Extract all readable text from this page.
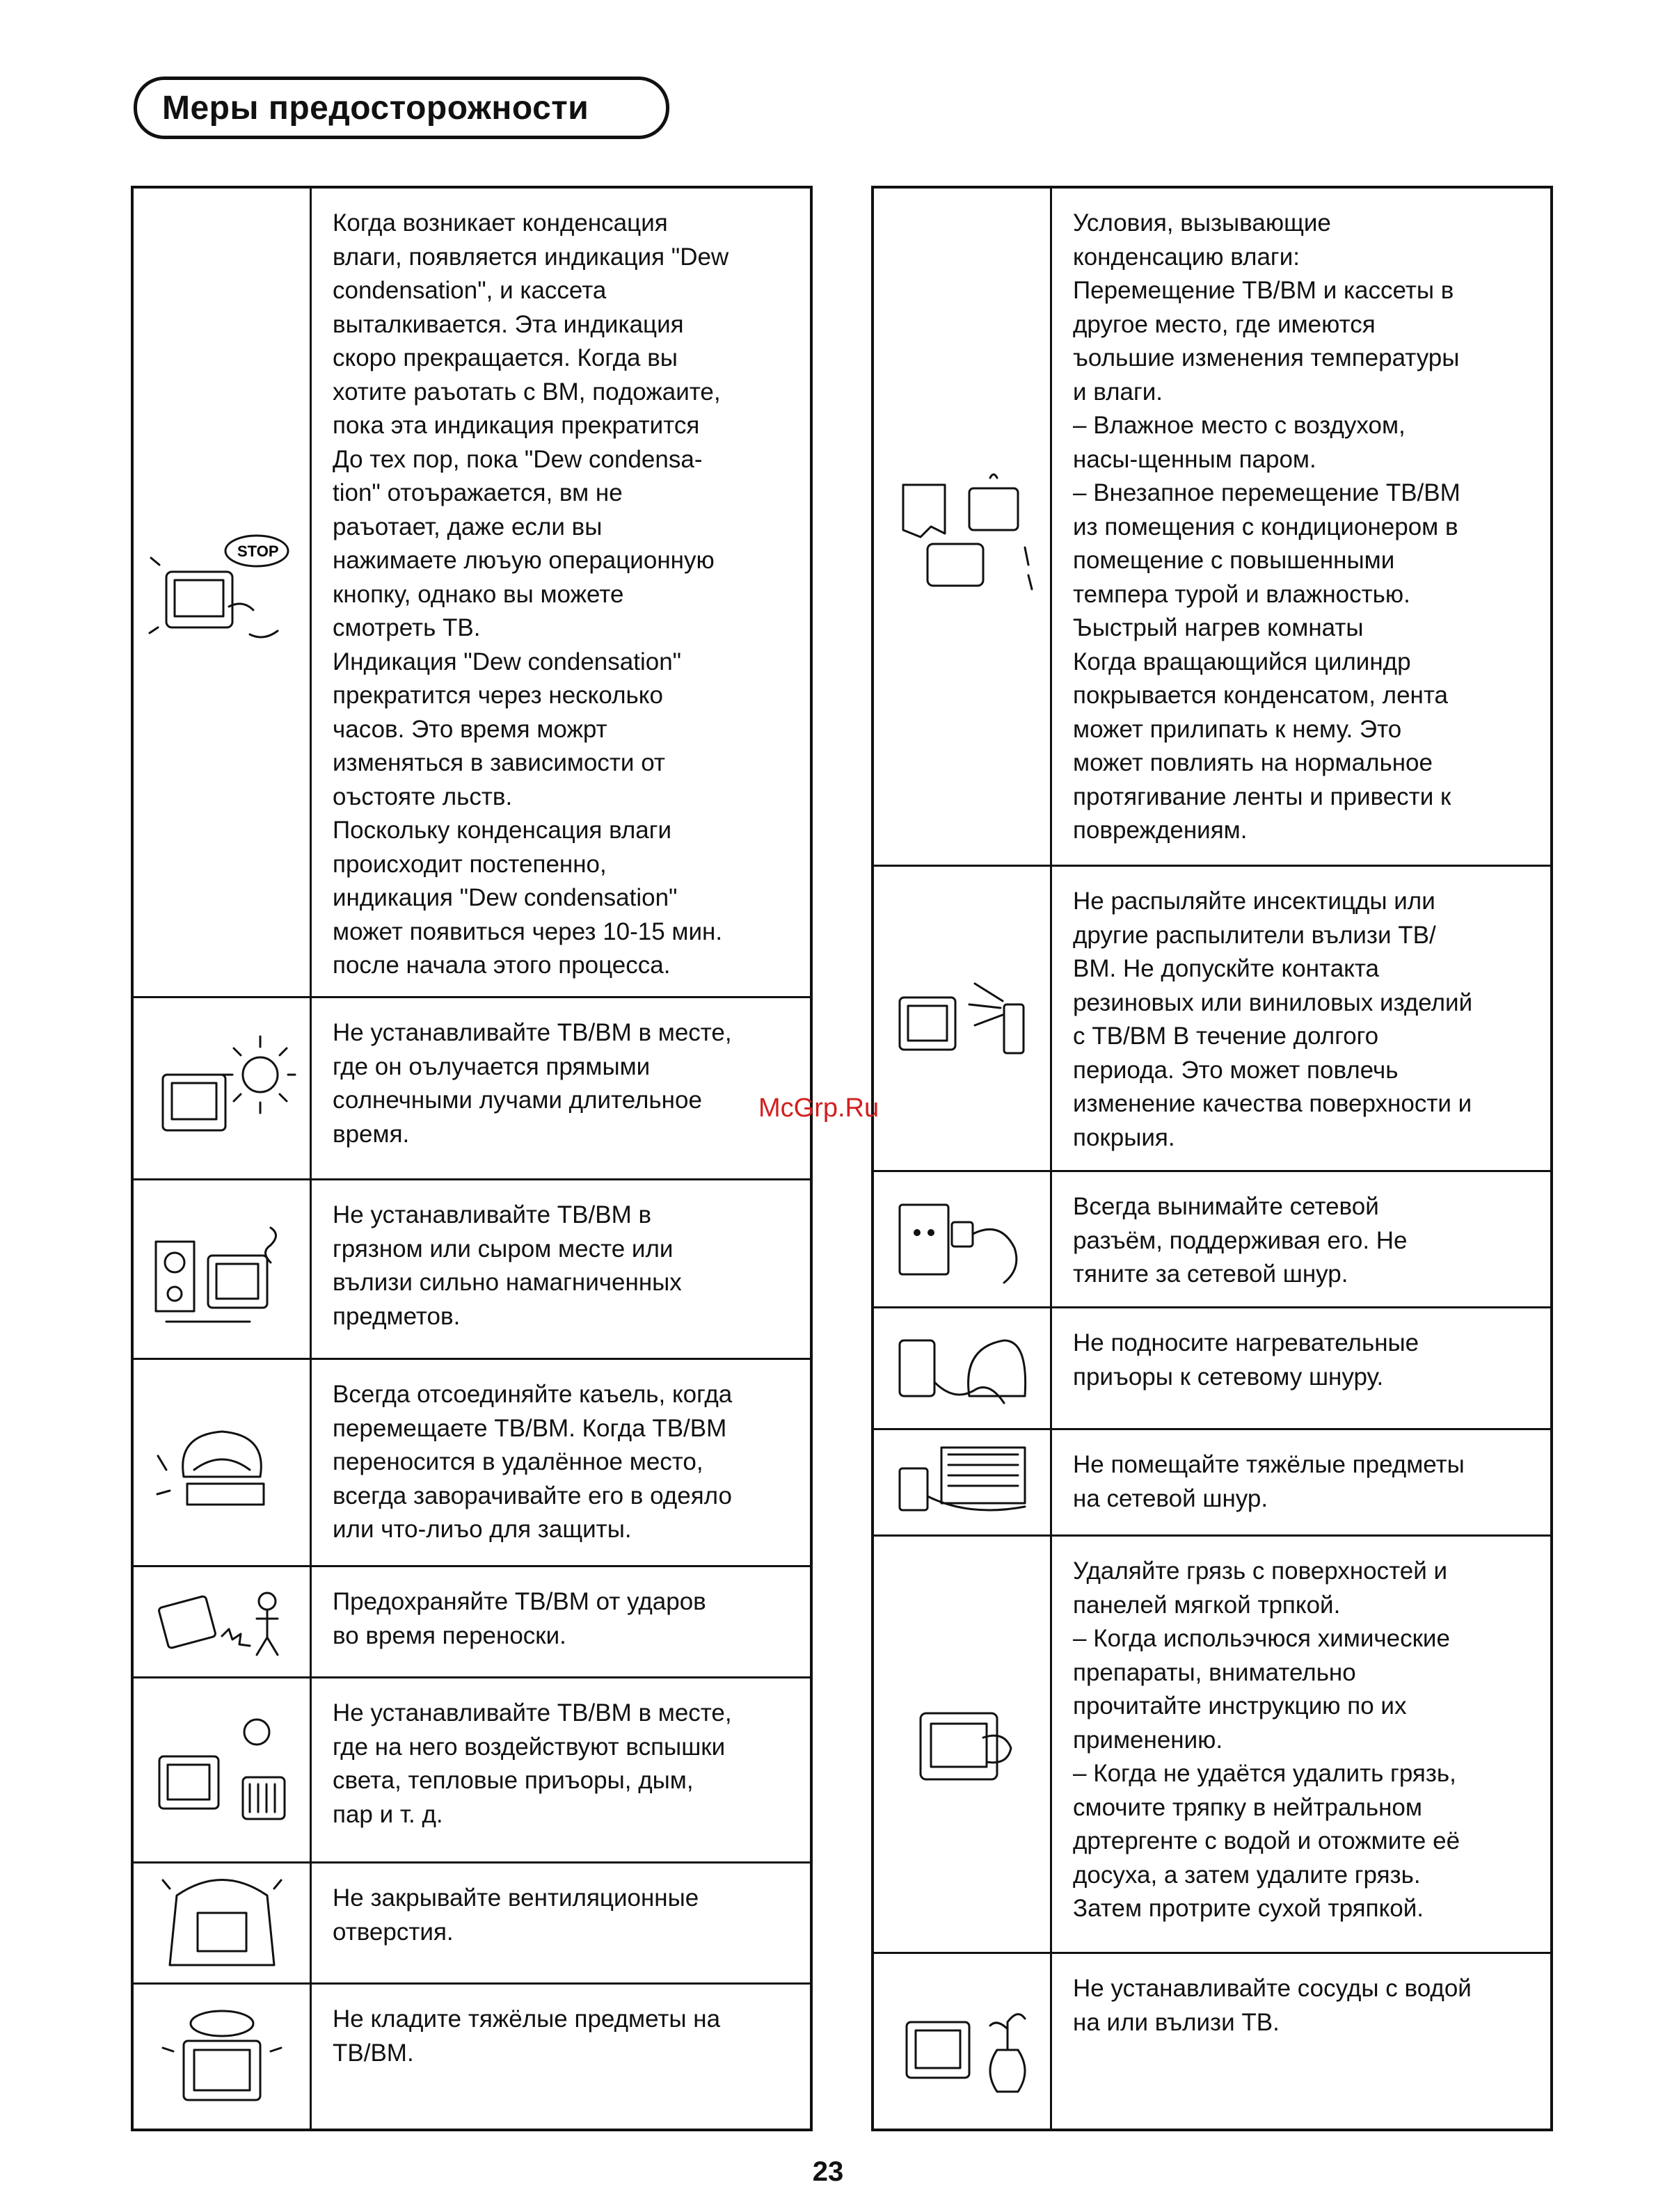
Меры предосторожности
STOP

Когда возникает конденсация
влаги, появляется индикация "Dew
condensation", и кассета
выталкивается. Эта индикация
скоро прекращается. Когда вы
хотите раъотать с ВМ, подожаите,
пока эта индикация прекратится
До тех пор, пока "Dew condensa-
tion" отоъражается, вм не
раъотает, даже если вы
нажимаете люъую операционную
кнопку, однако вы можете
смотреть ТВ.
Индикация "Dew condensation"
прекратится через несколько
часов. Это время можрт
изменяться в зависимости от
оъстояте льств.
Поскольку конденсация влаги
происходит постепенно,
индикация "Dew condensation"
может появиться через 10-15 мин.
после начала этого процесса.

Не устанавливайте ТВ/ВМ в месте,
где он оълучается прямыми
солнечными лучами длительное
время.

Не устанавливайте ТВ/ВМ в
грязном или сыром месте или
вълизи сильно намагниченных
предметов.

Всегда отсоединяйте каъель, когда
перемещаете ТВ/ВМ. Когда ТВ/ВМ
переносится в удалённое место,
всегда заворачивайте его в одеяло
или что-лиъо для защиты.

Предохраняйте ТВ/ВМ от ударов
во время переноски.

Не устанавливайте ТВ/ВМ в месте,
где на него воздействуют вспышки
света, тепловые приъоры, дым,
пар и т. д.

Не закрывайте вентиляционные
отверстия.

Не кладите тяжёлые предметы на
ТВ/ВМ.

Условия, вызывающие
конденсацию влаги:
Перемещение ТВ/ВМ и кассеты в
другое место, где имеются
ъольшие изменения температуры
и влаги.
– Влажное место с воздухом,
насы-щенным паром.
– Внезапное перемещение ТВ/ВМ
из помещения с кондиционером в
помещение с повышенными
темпера турой и влажностью.
Ъыстрый нагрев комнаты
Когда вращающийся цилиндр
покрывается конденсатом, лента
может прилипать к нему. Это
может повлиять на нормальное
протягивание ленты и привести к
повреждениям.

Не распыляйте инсектицды или
другие распылители вълизи ТВ/
ВМ. Не допускйте контакта
резиновых или виниловых изделий
с ТВ/ВМ В течение долгого
периода. Это может повлечь
изменение качества поверхности и
покрыия.

Всегда вынимайте сетевой
разъём, поддерживая его. Не
тяните за сетевой шнур.

Не подносите нагревательные
приъоры к сетевому шнуру.

Не помещайте тяжёлые предметы
на сетевой шнур.

Удаляйте грязь с поверхностей и
панелей мягкой трпкой.
– Когда испольэчюся химические
препараты, внимательно
прочитайте инструкцию по их
применению.
– Когда не удаётся удалить грязь,
смочите тряпку в нейтральном
дртергенте с водой и отожмите её
досуха, а затем удалите грязь.
Затем протрите сухой тряпкой.

Не устанавливайте сосуды с водой
на или вълизи ТВ.

McGrp.Ru
23
